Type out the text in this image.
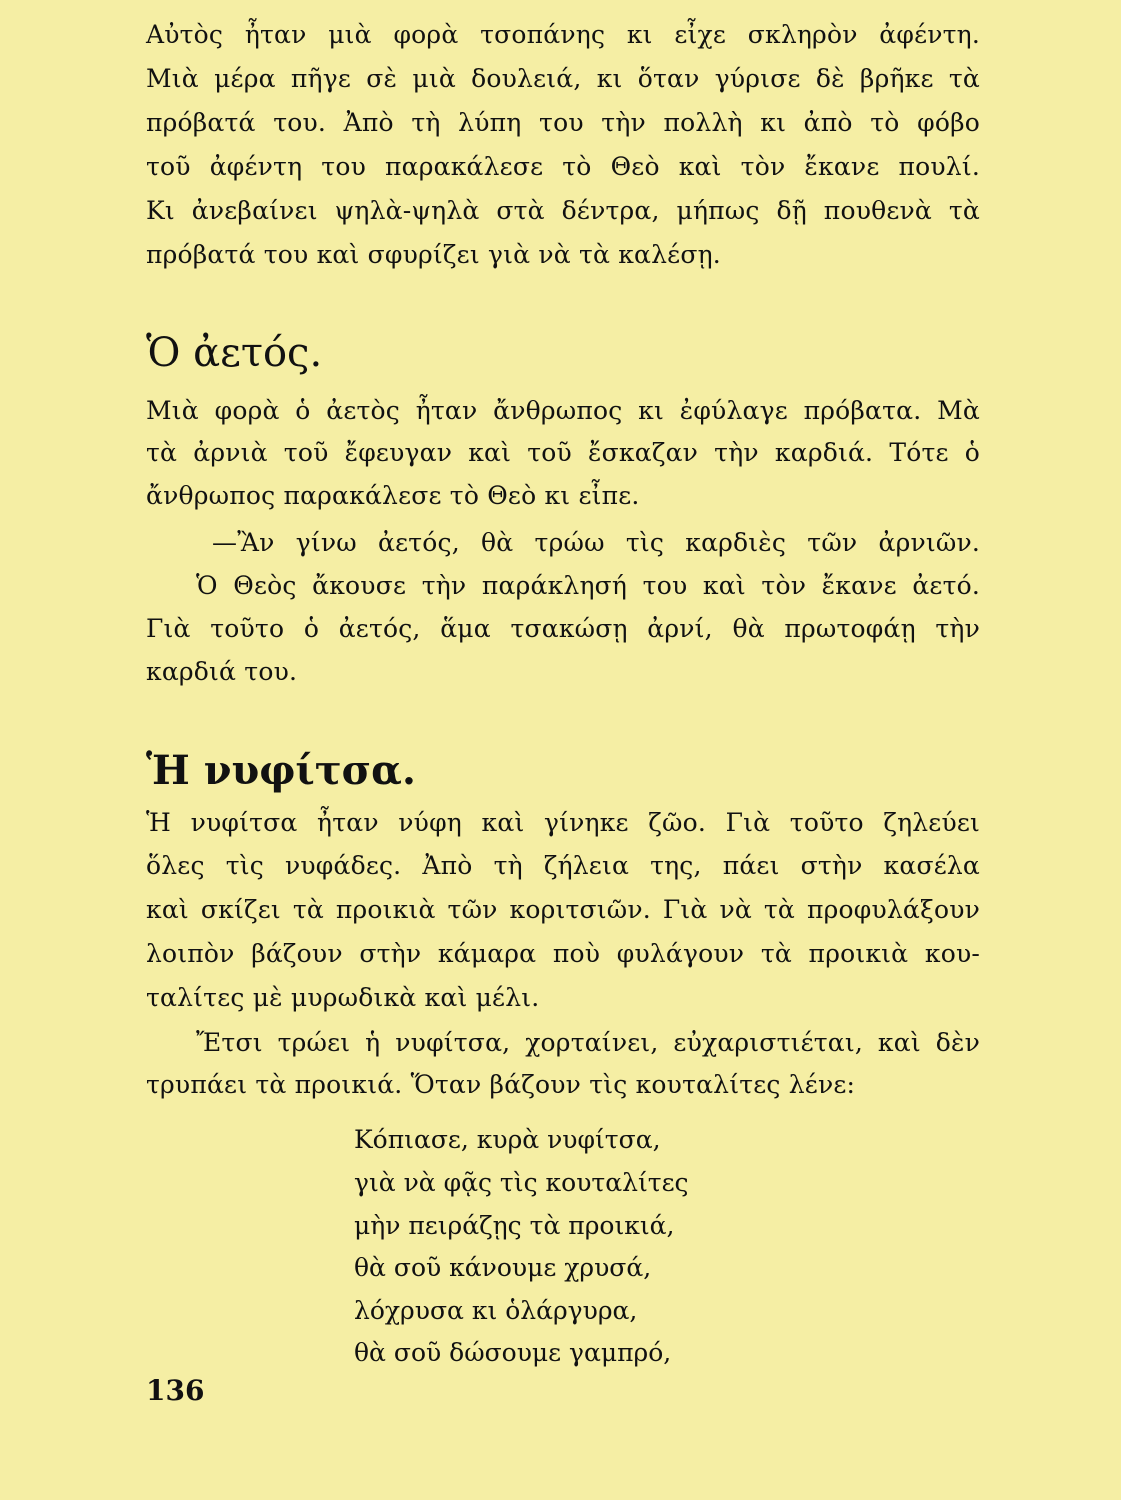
Αὐτὸς ἦταν μιὰ φορὰ τσοπάνης κι εἶχε σκληρὸν ἀφέντη.
Μιὰ μέρα πῆγε σὲ μιὰ δουλειά, κι ὅταν γύρισε δὲ βρῆκε τὰ
πρόβατά του. Ἀπὸ τὴ λύπη του τὴν πολλὴ κι ἀπὸ τὸ φόβο
τοῦ ἀφέντη του παρακάλεσε τὸ Θεὸ καὶ τὸν ἔκανε πουλί.
Κι ἀνεβαίνει ψηλὰ-ψηλὰ στὰ δέντρα, μήπως δῇ πουθενὰ τὰ
πρόβατά του καὶ σφυρίζει γιὰ νὰ τὰ καλέσῃ.
Ὁ ἀετός.
Μιὰ φορὰ ὁ ἀετὸς ἦταν ἄνθρωπος κι ἐφύλαγε πρόβατα. Μὰ
τὰ ἀρνιὰ τοῦ ἔφευγαν καὶ τοῦ ἔσκαζαν τὴν καρδιά. Τότε ὁ
ἄνθρωπος παρακάλεσε τὸ Θεὸ κι εἶπε.
—Ἂν γίνω ἀετός, θὰ τρώω τὶς καρδιὲς τῶν ἀρνιῶν.
Ὁ Θεὸς ἄκουσε τὴν παράκλησή του καὶ τὸν ἔκανε ἀετό.
Γιὰ τοῦτο ὁ ἀετός, ἅμα τσακώσῃ ἀρνί, θὰ πρωτοφάῃ τὴν
καρδιά του.
Ἡ νυφίτσα.
Ἡ νυφίτσα ἦταν νύφη καὶ γίνηκε ζῶο. Γιὰ τοῦτο ζηλεύει
ὅλες τὶς νυφάδες. Ἀπὸ τὴ ζήλεια της, πάει στὴν κασέλα
καὶ σκίζει τὰ προικιὰ τῶν κοριτσιῶν. Γιὰ νὰ τὰ προφυλάξουν
λοιπὸν βάζουν στὴν κάμαρα ποὺ φυλάγουν τὰ προικιὰ κου-
ταλίτες μὲ μυρωδικὰ καὶ μέλι.
Ἔτσι τρώει ἡ νυφίτσα, χορταίνει, εὐχαριστιέται, καὶ δὲν
τρυπάει τὰ προικιά. Ὅταν βάζουν τὶς κουταλίτες λένε:
Κόπιασε, κυρὰ νυφίτσα,
γιὰ νὰ φᾷς τὶς κουταλίτες
μὴν πειράζῃς τὰ προικιά,
θὰ σοῦ κάνουμε χρυσά,
λόχρυσα κι ὁλάργυρα,
θὰ σοῦ δώσουμε γαμπρό,
136
